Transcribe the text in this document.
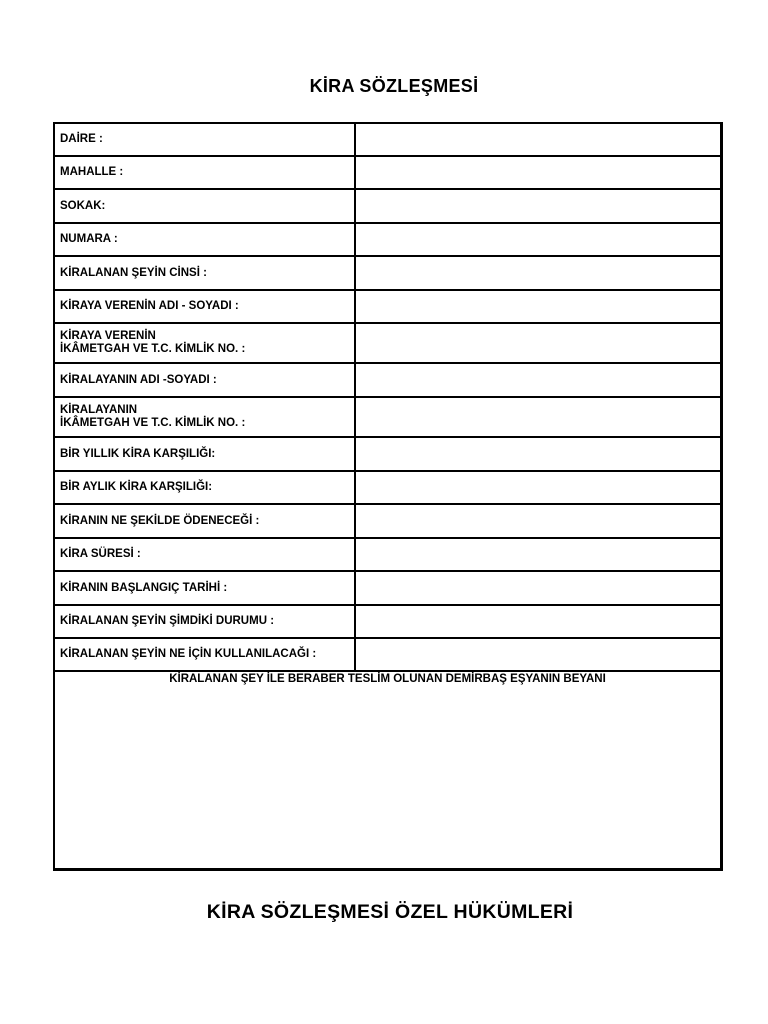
KİRA SÖZLEŞMESİ
DAİRE :
MAHALLE :
SOKAK:
NUMARA :
KİRALANAN ŞEYİN CİNSİ :
KİRAYA VERENİN ADI - SOYADI :
KİRAYA VERENİN
İKÂMETGAH VE T.C. KİMLİK NO. :
KİRALAYANIN ADI -SOYADI :
KİRALAYANIN
İKÂMETGAH VE T.C. KİMLİK NO. :
BİR YILLIK KİRA KARŞILIĞI:
BİR AYLIK KİRA KARŞILIĞI:
KİRANIN NE ŞEKİLDE ÖDENECEĞİ :
KİRA SÜRESİ :
KİRANIN BAŞLANGIÇ TARİHİ :
KİRALANAN ŞEYİN ŞİMDİKİ DURUMU :
KİRALANAN ŞEYİN NE İÇİN KULLANILACAĞI :
KİRALANAN ŞEY İLE BERABER TESLİM OLUNAN DEMİRBAŞ EŞYANIN BEYANI
KİRA SÖZLEŞMESİ ÖZEL HÜKÜMLERİ
